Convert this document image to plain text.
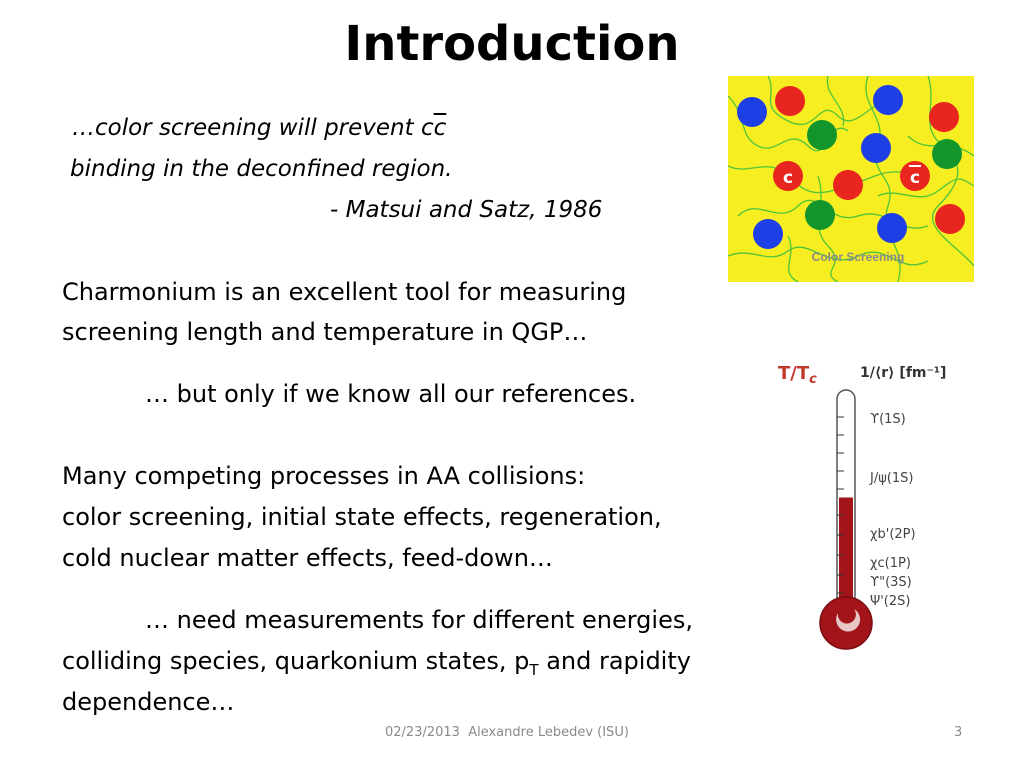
Introduction
…color screening will prevent $c\overline{c}$
binding in the deconfined region.
- Matsui and Satz, 1986
Charmonium is an excellent tool for measuring
screening length and temperature in QGP…
… but only if we know all our references.
Many competing processes in AA collisions:
color screening, initial state effects, regeneration,
cold nuclear matter effects, feed-down…
… need measurements for different energies,
colliding species, quarkonium states, $p_T$ and rapidity
dependence…
c	c
Color Screening
$T/T_c$	1/⟨r⟩ [fm⁻¹]
ϒ(1S)
J/ψ(1S)
χb'(2P)
χc(1P)
ϒ"(3S)
Ψ'(2S)
02/23/2013 Alexandre Lebedev (ISU)	3
